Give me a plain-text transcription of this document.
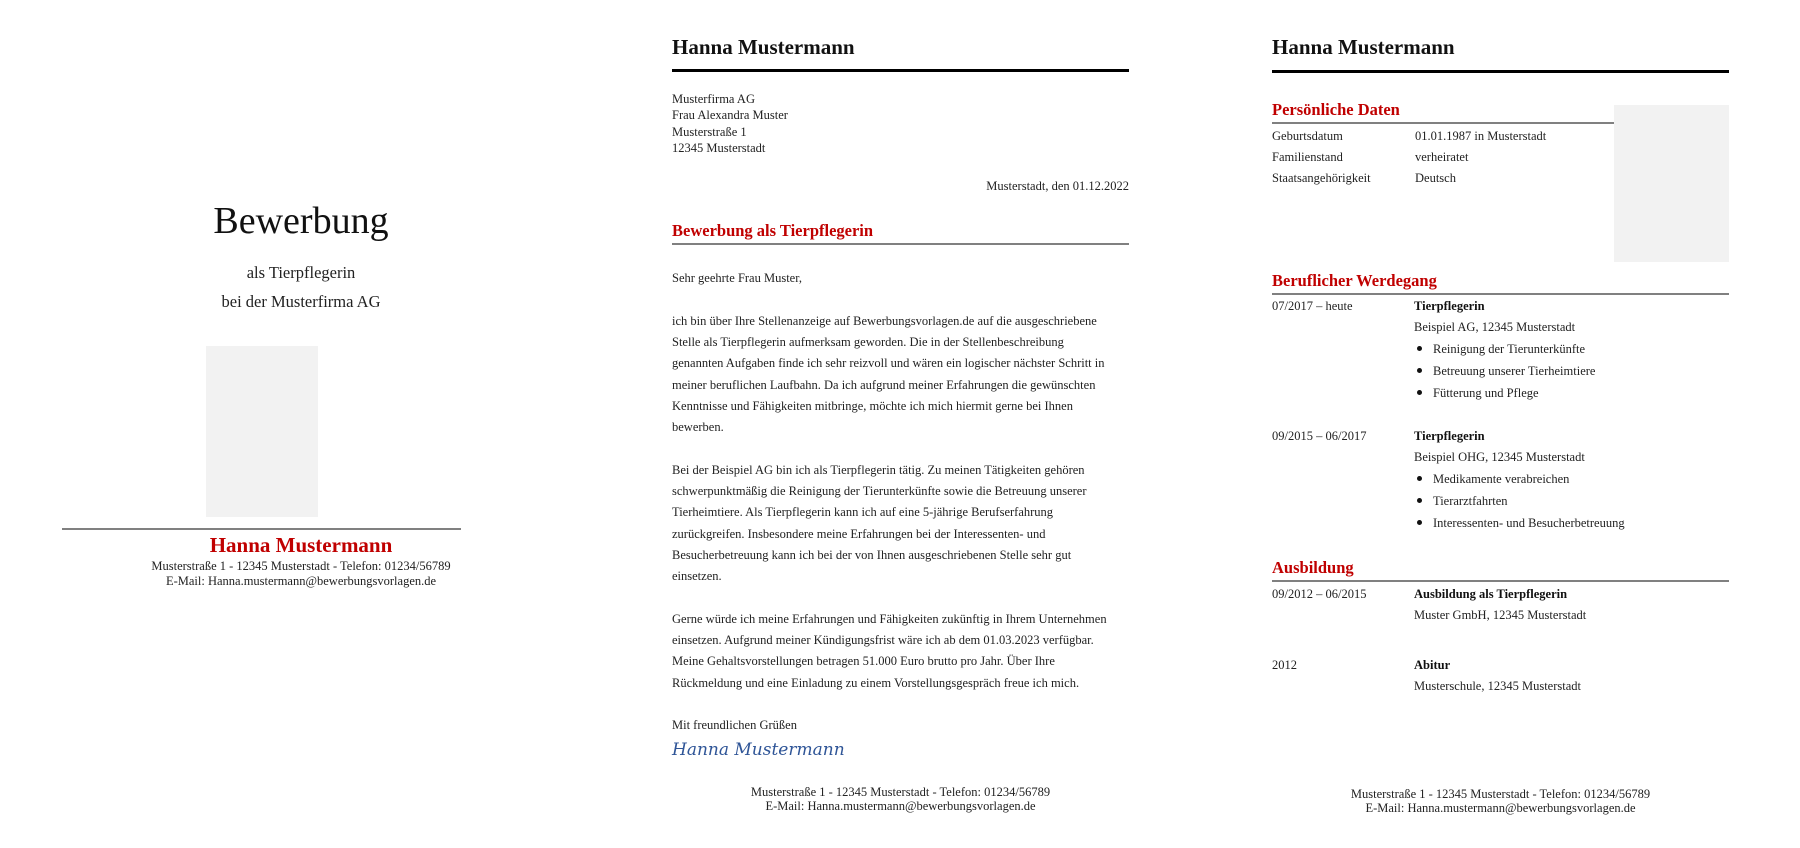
Bewerbung
als Tierpflegerin
bei der Musterfirma AG
Hanna Mustermann
Musterstraße 1 - 12345 Musterstadt - Telefon: 01234/56789
E-Mail: Hanna.mustermann@bewerbungsvorlagen.de
Hanna Mustermann
Musterfirma AG
Frau Alexandra Muster
Musterstraße 1
12345 Musterstadt
Musterstadt, den 01.12.2022
Bewerbung als Tierpflegerin
Sehr geehrte Frau Muster,
ich bin über Ihre Stellenanzeige auf Bewerbungsvorlagen.de auf die ausgeschriebene
Stelle als Tierpflegerin aufmerksam geworden. Die in der Stellenbeschreibung
genannten Aufgaben finde ich sehr reizvoll und wären ein logischer nächster Schritt in
meiner beruflichen Laufbahn. Da ich aufgrund meiner Erfahrungen die gewünschten
Kenntnisse und Fähigkeiten mitbringe, möchte ich mich hiermit gerne bei Ihnen
bewerben.
Bei der Beispiel AG bin ich als Tierpflegerin tätig. Zu meinen Tätigkeiten gehören
schwerpunktmäßig die Reinigung der Tierunterkünfte sowie die Betreuung unserer
Tierheimtiere. Als Tierpflegerin kann ich auf eine 5-jährige Berufserfahrung
zurückgreifen. Insbesondere meine Erfahrungen bei der Interessenten- und
Besucherbetreuung kann ich bei der von Ihnen ausgeschriebenen Stelle sehr gut
einsetzen.
Gerne würde ich meine Erfahrungen und Fähigkeiten zukünftig in Ihrem Unternehmen
einsetzen. Aufgrund meiner Kündigungsfrist wäre ich ab dem 01.03.2023 verfügbar.
Meine Gehaltsvorstellungen betragen 51.000 Euro brutto pro Jahr. Über Ihre
Rückmeldung und eine Einladung zu einem Vorstellungsgespräch freue ich mich.
Mit freundlichen Grüßen
Hanna Mustermann
Musterstraße 1 - 12345 Musterstadt - Telefon: 01234/56789
E-Mail: Hanna.mustermann@bewerbungsvorlagen.de
Hanna Mustermann
Persönliche Daten
Geburtsdatum	01.01.1987 in Musterstadt
Familienstand	verheiratet
Staatsangehörigkeit	Deutsch
Beruflicher Werdegang
07/2017 – heute	Tierpflegerin
Beispiel AG, 12345 Musterstadt
Reinigung der Tierunterkünfte
Betreuung unserer Tierheimtiere
Fütterung und Pflege
09/2015 – 06/2017	Tierpflegerin
Beispiel OHG, 12345 Musterstadt
Medikamente verabreichen
Tierarztfahrten
Interessenten- und Besucherbetreuung
Ausbildung
09/2012 – 06/2015	Ausbildung als Tierpflegerin
Muster GmbH, 12345 Musterstadt
2012	Abitur
Musterschule, 12345 Musterstadt
Musterstraße 1 - 12345 Musterstadt - Telefon: 01234/56789
E-Mail: Hanna.mustermann@bewerbungsvorlagen.de
